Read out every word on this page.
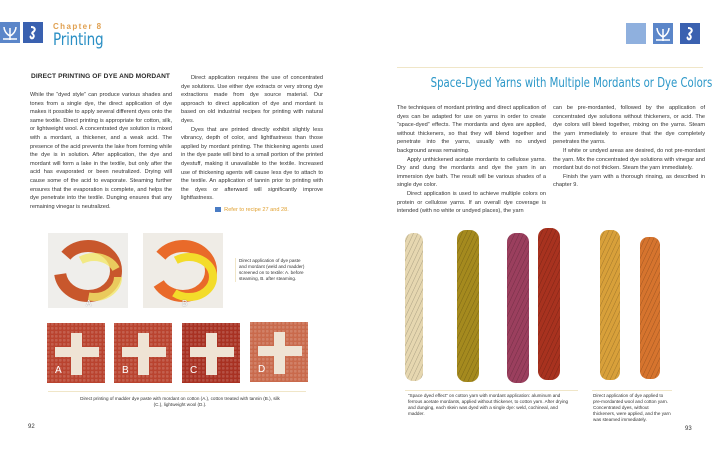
Chapter 8
Printing
DIRECT PRINTING OF DYE AND MORDANT

While the “dyed style” can produce various shades and tones from a single dye, the direct application of dye makes it possible to apply several different dyes onto the same textile. Direct printing is appropriate for cotton, silk, or lightweight wool. A concentrated dye solution is mixed with a mordant, a thickener, and a weak acid. The presence of the acid prevents the lake from forming while the dye is in solution. After application, the dye and mordant will form a lake in the textile, but only after the acid has evaporated or been neutralized. Drying will cause some of the acid to evaporate. Steaming further ensures that the evaporation is complete, and helps the dye penetrate into the textile. Dunging ensures that any remaining vinegar is neutralized.

Direct application requires the use of concentrated dye solutions. Use either dye extracts or very strong dye extractions made from dye source material. Our approach to direct application of dye and mordant is based on old industrial recipes for printing with natural dyes.

Dyes that are printed directly exhibit slightly less vibrancy, depth of color, and lightfastness than those applied by mordant printing. The thickening agents used in the dye paste will bind to a small portion of the printed dyestuff, making it unavailable to the textile. Increased use of thickening agents will cause less dye to attach to the textile. An application of tannin prior to printing with the dyes or afterward will significantly improve lightfastness.

Refer to recipe 27 and 28.
A	B
Direct application of dye paste and mordant (weld and madder) screened on to textile: A. before steaming, B. after steaming.
A	B	C	D
Direct printing of madder dye paste with mordant on cotton (A.), cotton treated with tannin (B.), silk (C.), lightweight wool (D.).
92
Space-Dyed Yarns with Multiple Mordants or Dye Colors

The techniques of mordant printing and direct application of dyes can be adapted for use on yarns in order to create “space-dyed” effects. The mordants and dyes are applied, without thickeners, so that they will blend together and penetrate into the yarns, usually with no undyed background areas remaining.

Apply unthickened acetate mordants to cellulose yarns. Dry and dung the mordants and dye the yarn in an immersion dye bath. The result will be various shades of a single dye color.

Direct application is used to achieve multiple colors on protein or cellulose yarns. If an overall dye coverage is intended (with no white or undyed places), the yarn

can be pre-mordanted, followed by the application of concentrated dye solutions without thickeners, or acid. The dye colors will bleed together, mixing on the yarns. Steam the yarn immediately to ensure that the dye completely penetrates the yarns.

If white or undyed areas are desired, do not pre-mordant the yarn. Mix the concentrated dye solutions with vinegar and mordant but do not thicken. Steam the yarn immediately.

Finish the yarn with a thorough rinsing, as described in chapter 9.

“Space dyed effect” on cotton yarn with mordant application: aluminum and ferrous acetate mordants, applied without thickener, to cotton yarn. After drying and dunging, each skein was dyed with a single dye: weld, cochineal, and madder.
Direct application of dye applied to pre-mordanted wool and cotton yarn. Concentrated dyes, without thickeners, were applied, and the yarn was steamed immediately.
93
